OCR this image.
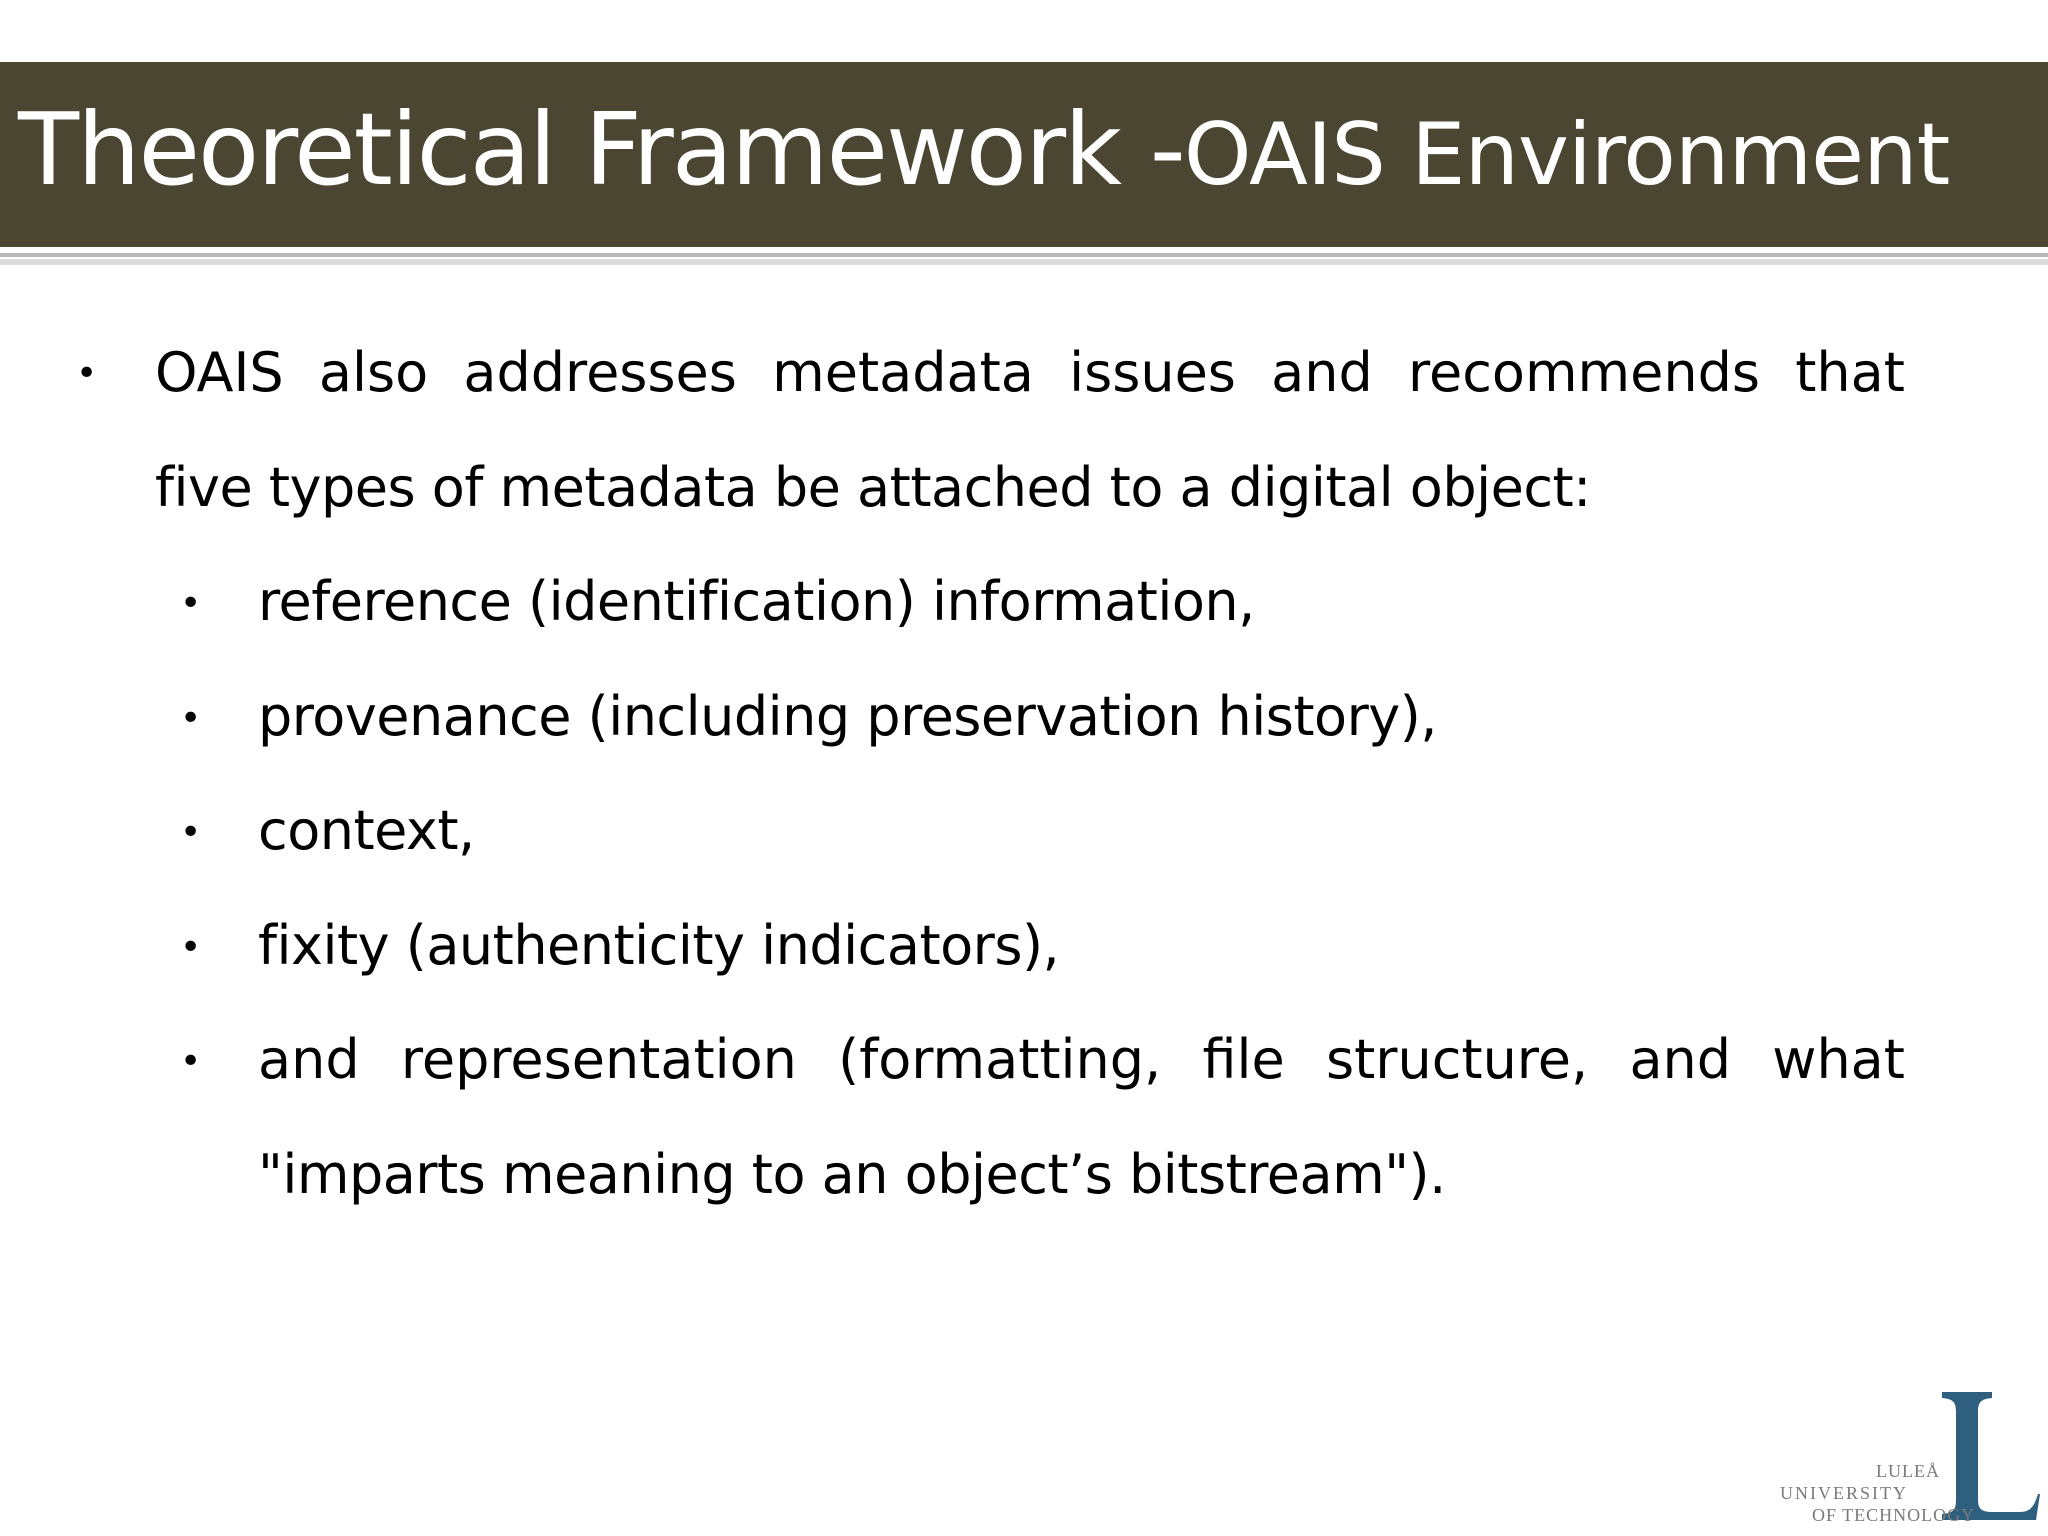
Theoretical Framework -OAIS Environment
• OAIS also addresses metadata issues and recommends that
five types of metadata be attached to a digital object:
• reference (identification) information,
• provenance (including preservation history),
• context,
• fixity (authenticity indicators),
• and representation (formatting, file structure, and what
"imparts meaning to an object’s bitstream").
LULEÅ
UNIVERSITY
OF TECHNOLOGY
